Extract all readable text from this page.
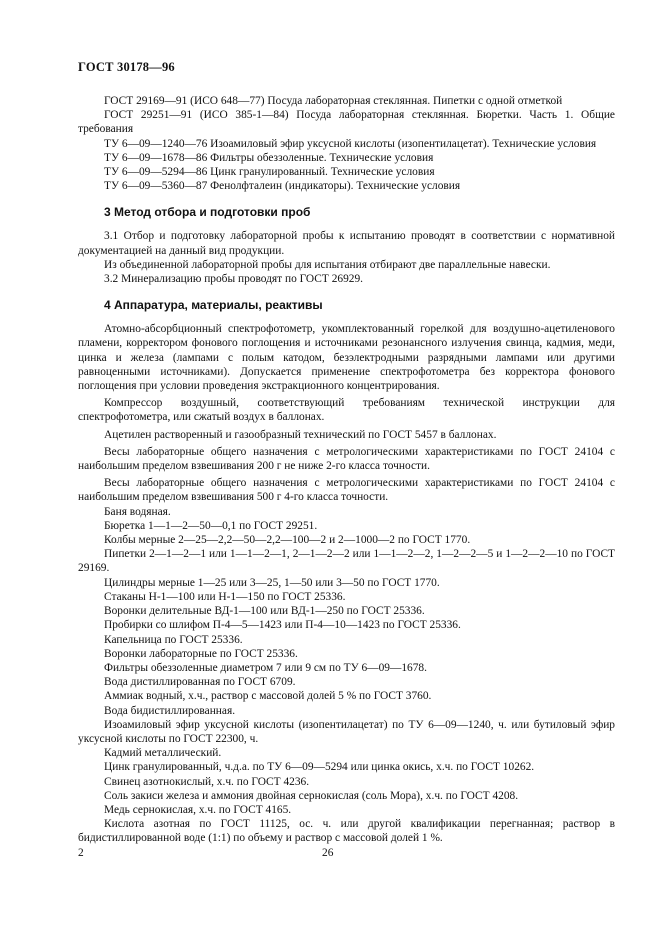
ГОСТ 30178—96

ГОСТ 29169—91 (ИСО 648—77) Посуда лабораторная стеклянная. Пипетки с одной отметкой

ГОСТ 29251—91 (ИСО 385-1—84) Посуда лабораторная стеклянная. Бюретки. Часть 1. Общие требования

ТУ 6—09—1240—76 Изоамиловый эфир уксусной кислоты (изопентилацетат). Технические условия

ТУ 6—09—1678—86 Фильтры обеззоленные. Технические условия

ТУ 6—09—5294—86 Цинк гранулированный. Технические условия

ТУ 6—09—5360—87 Фенолфталеин (индикаторы). Технические условия

3 Метод отбора и подготовки проб

3.1 Отбор и подготовку лабораторной пробы к испытанию проводят в соответствии с нормативной документацией на данный вид продукции.

Из объединенной лабораторной пробы для испытания отбирают две параллельные навески.

3.2 Минерализацию пробы проводят по ГОСТ 26929.

4 Аппаратура, материалы, реактивы

Атомно-абсорбционный спектрофотометр, укомплектованный горелкой для воздушно-ацетиленового пламени, корректором фонового поглощения и источниками резонансного излучения свинца, кадмия, меди, цинка и железа (лампами с полым катодом, безэлектродными разрядными лампами или другими равноценными источниками). Допускается применение спектрофотометра без корректора фонового поглощения при условии проведения экстракционного концентрирования.

Компрессор воздушный, соответствующий требованиям технической инструкции для спектрофотометра, или сжатый воздух в баллонах.

Ацетилен растворенный и газообразный технический по ГОСТ 5457 в баллонах.

Весы лабораторные общего назначения с метрологическими характеристиками по ГОСТ 24104 с наибольшим пределом взвешивания 200 г не ниже 2-го класса точности.

Весы лабораторные общего назначения с метрологическими характеристиками по ГОСТ 24104 с наибольшим пределом взвешивания 500 г 4-го класса точности.

Баня водяная.

Бюретка 1—1—2—50—0,1 по ГОСТ 29251.

Колбы мерные 2—25—2,2—50—2,2—100—2 и 2—1000—2 по ГОСТ 1770.

Пипетки 2—1—2—1 или 1—1—2—1, 2—1—2—2 или 1—1—2—2, 1—2—2—5 и 1—2—2—10 по ГОСТ 29169.

Цилиндры мерные 1—25 или 3—25, 1—50 или 3—50 по ГОСТ 1770.

Стаканы Н-1—100 или Н-1—150 по ГОСТ 25336.

Воронки делительные ВД-1—100 или ВД-1—250 по ГОСТ 25336.

Пробирки со шлифом П-4—5—1423 или П-4—10—1423 по ГОСТ 25336.

Капельница по ГОСТ 25336.

Воронки лабораторные по ГОСТ 25336.

Фильтры обеззоленные диаметром 7 или 9 см по ТУ 6—09—1678.

Вода дистиллированная по ГОСТ 6709.

Аммиак водный, х.ч., раствор с массовой долей 5 % по ГОСТ 3760.

Вода бидистиллированная.

Изоамиловый эфир уксусной кислоты (изопентилацетат) по ТУ 6—09—1240, ч. или бутиловый эфир уксусной кислоты по ГОСТ 22300, ч.

Кадмий металлический.

Цинк гранулированный, ч.д.а. по ТУ 6—09—5294 или цинка окись, х.ч. по ГОСТ 10262.

Свинец азотнокислый, х.ч. по ГОСТ 4236.

Соль закиси железа и аммония двойная сернокислая (соль Мора), х.ч. по ГОСТ 4208.

Медь сернокислая, х.ч. по ГОСТ 4165.

Кислота азотная по ГОСТ 11125, ос. ч. или другой квалификации перегнанная; раствор в бидистиллированной воде (1:1) по объему и раствор с массовой долей 1 %.

2	26
